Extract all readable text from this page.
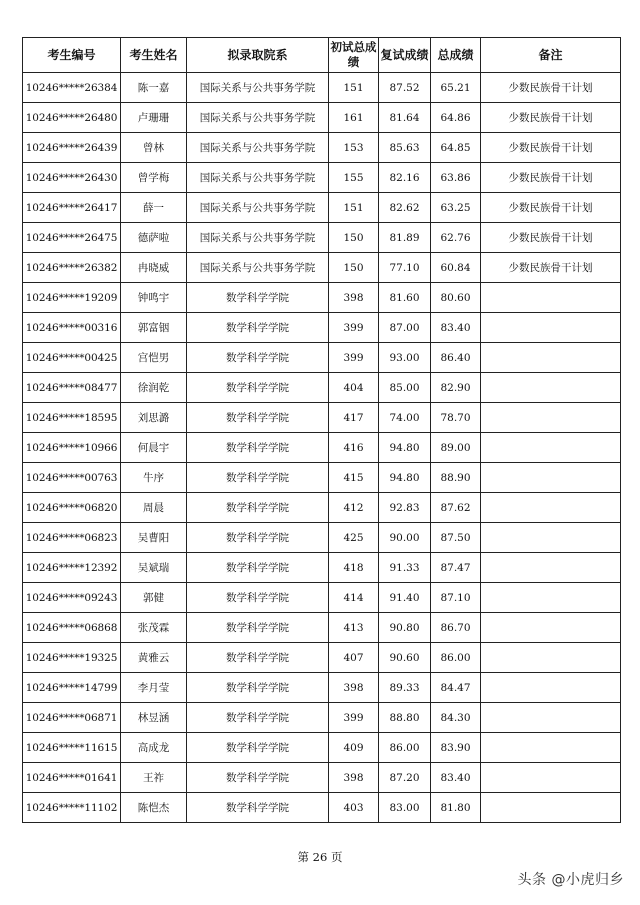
考生编号	考生姓名	拟录取院系	初试总成绩	复试成绩	总成绩	备注
10246*****26384	陈一嘉	国际关系与公共事务学院	151	87.52	65.21	少数民族骨干计划
10246*****26480	卢珊珊	国际关系与公共事务学院	161	81.64	64.86	少数民族骨干计划
10246*****26439	曾林	国际关系与公共事务学院	153	85.63	64.85	少数民族骨干计划
10246*****26430	曾学梅	国际关系与公共事务学院	155	82.16	63.86	少数民族骨干计划
10246*****26417	薛一	国际关系与公共事务学院	151	82.62	63.25	少数民族骨干计划
10246*****26475	德萨啦	国际关系与公共事务学院	150	81.89	62.76	少数民族骨干计划
10246*****26382	冉晓威	国际关系与公共事务学院	150	77.10	60.84	少数民族骨干计划
10246*****19209	钟鸣宇	数学科学学院	398	81.60	80.60	
10246*****00316	郭富铟	数学科学学院	399	87.00	83.40	
10246*****00425	宫恺男	数学科学学院	399	93.00	86.40	
10246*****08477	徐润乾	数学科学学院	404	85.00	82.90	
10246*****18595	刘思潞	数学科学学院	417	74.00	78.70	
10246*****10966	何晨宇	数学科学学院	416	94.80	89.00	
10246*****00763	牛序	数学科学学院	415	94.80	88.90	
10246*****06820	周晨	数学科学学院	412	92.83	87.62	
10246*****06823	吴曹阳	数学科学学院	425	90.00	87.50	
10246*****12392	吴斌瑞	数学科学学院	418	91.33	87.47	
10246*****09243	郭健	数学科学学院	414	91.40	87.10	
10246*****06868	张茂霖	数学科学学院	413	90.80	86.70	
10246*****19325	黄雅云	数学科学学院	407	90.60	86.00	
10246*****14799	李月莹	数学科学学院	398	89.33	84.47	
10246*****06871	林昱涵	数学科学学院	399	88.80	84.30	
10246*****11615	高成龙	数学科学学院	409	86.00	83.90	
10246*****01641	王祚	数学科学学院	398	87.20	83.40	
10246*****11102	陈恺杰	数学科学学院	403	83.00	81.80	
第 26 页
头条 @小虎归乡
